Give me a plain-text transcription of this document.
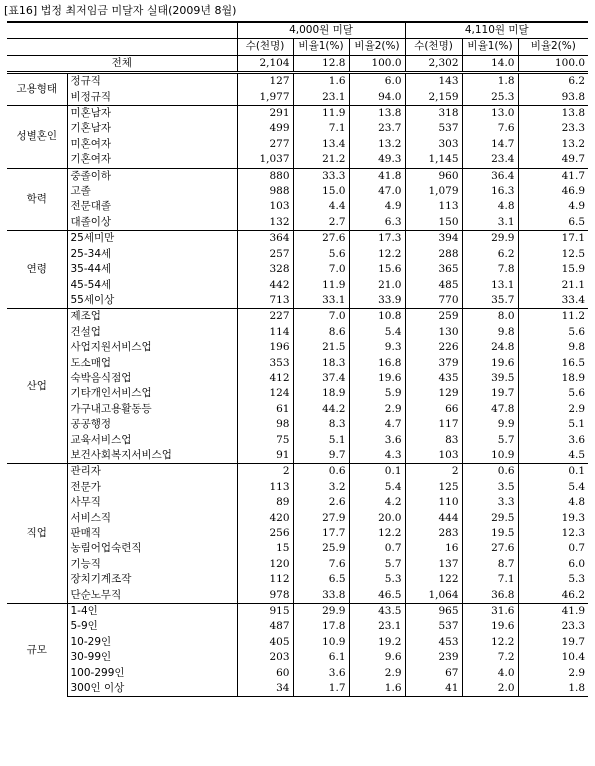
[표16] 법정 최저임금 미달자 실태(2009년 8월)
		4,000원 미달			4,110원 미달		
		수(천명)	비율1(%)	비율2(%)	수(천명)	비율1(%)	비율2(%)
전체		2,104	12.8	100.0	2,302	14.0	100.0
고용형태	정규직	127	1.6	6.0	143	1.8	6.2
	비정규직	1,977	23.1	94.0	2,159	25.3	93.8
성별혼인	미혼남자	291	11.9	13.8	318	13.0	13.8
	기혼남자	499	7.1	23.7	537	7.6	23.3
	미혼여자	277	13.4	13.2	303	14.7	13.2
	기혼여자	1,037	21.2	49.3	1,145	23.4	49.7
학력	중졸이하	880	33.3	41.8	960	36.4	41.7
	고졸	988	15.0	47.0	1,079	16.3	46.9
	전문대졸	103	4.4	4.9	113	4.8	4.9
	대졸이상	132	2.7	6.3	150	3.1	6.5
연령	25세미만	364	27.6	17.3	394	29.9	17.1
	25-34세	257	5.6	12.2	288	6.2	12.5
	35-44세	328	7.0	15.6	365	7.8	15.9
	45-54세	442	11.9	21.0	485	13.1	21.1
	55세이상	713	33.1	33.9	770	35.7	33.4
산업	제조업	227	7.0	10.8	259	8.0	11.2
	건설업	114	8.6	5.4	130	9.8	5.6
	사업지원서비스업	196	21.5	9.3	226	24.8	9.8
	도소매업	353	18.3	16.8	379	19.6	16.5
	숙박음식점업	412	37.4	19.6	435	39.5	18.9
	기타개인서비스업	124	18.9	5.9	129	19.7	5.6
	가구내고용활동등	61	44.2	2.9	66	47.8	2.9
	공공행정	98	8.3	4.7	117	9.9	5.1
	교육서비스업	75	5.1	3.6	83	5.7	3.6
	보건사회복지서비스업	91	9.7	4.3	103	10.9	4.5
직업	관리자	2	0.6	0.1	2	0.6	0.1
	전문가	113	3.2	5.4	125	3.5	5.4
	사무직	89	2.6	4.2	110	3.3	4.8
	서비스직	420	27.9	20.0	444	29.5	19.3
	판매직	256	17.7	12.2	283	19.5	12.3
	농림어업숙련직	15	25.9	0.7	16	27.6	0.7
	기능직	120	7.6	5.7	137	8.7	6.0
	장치기계조작	112	6.5	5.3	122	7.1	5.3
	단순노무직	978	33.8	46.5	1,064	36.8	46.2
규모	1-4인	915	29.9	43.5	965	31.6	41.9
	5-9인	487	17.8	23.1	537	19.6	23.3
	10-29인	405	10.9	19.2	453	12.2	19.7
	30-99인	203	6.1	9.6	239	7.2	10.4
	100-299인	60	3.6	2.9	67	4.0	2.9
	300인 이상	34	1.7	1.6	41	2.0	1.8
